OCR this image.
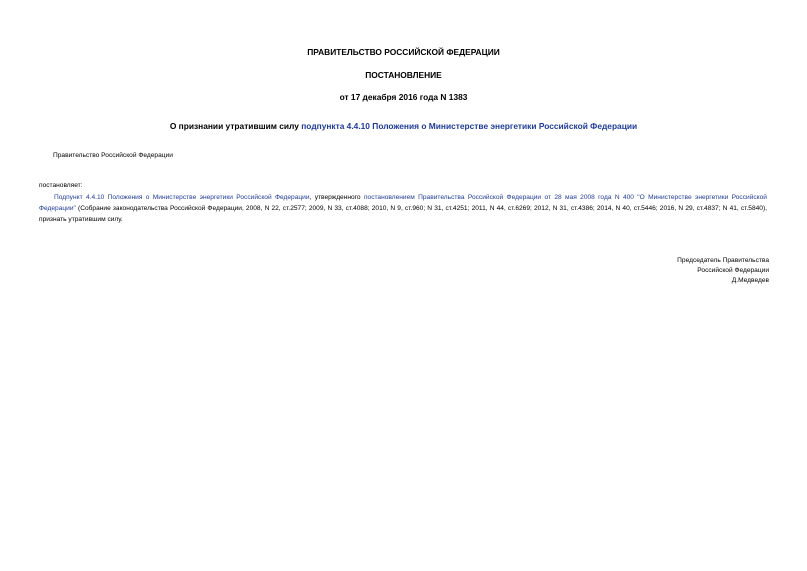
ПРАВИТЕЛЬСТВО РОССИЙСКОЙ ФЕДЕРАЦИИ
ПОСТАНОВЛЕНИЕ
от 17 декабря 2016 года N 1383
О признании утратившим силу подпункта 4.4.10 Положения о Министерстве энергетики Российской Федерации
Правительство Российской Федерации
постановляет:
Подпункт 4.4.10 Положения о Министерстве энергетики Российской Федерации, утвержденного постановлением Правительства Российской Федерации от 28 мая 2008 года N 400 "О Министерстве энергетики Российской Федерации" (Собрание законодательства Российской Федерации, 2008, N 22, ст.2577; 2009, N 33, ст.4088; 2010, N 9, ст.960; N 31, ст.4251; 2011, N 44, ст.6269; 2012, N 31, ст.4386; 2014, N 40, ст.5446; 2016, N 29, ст.4837; N 41, ст.5840), признать утратившим силу.
Председатель Правительства
Российской Федерации
Д.Медведев
